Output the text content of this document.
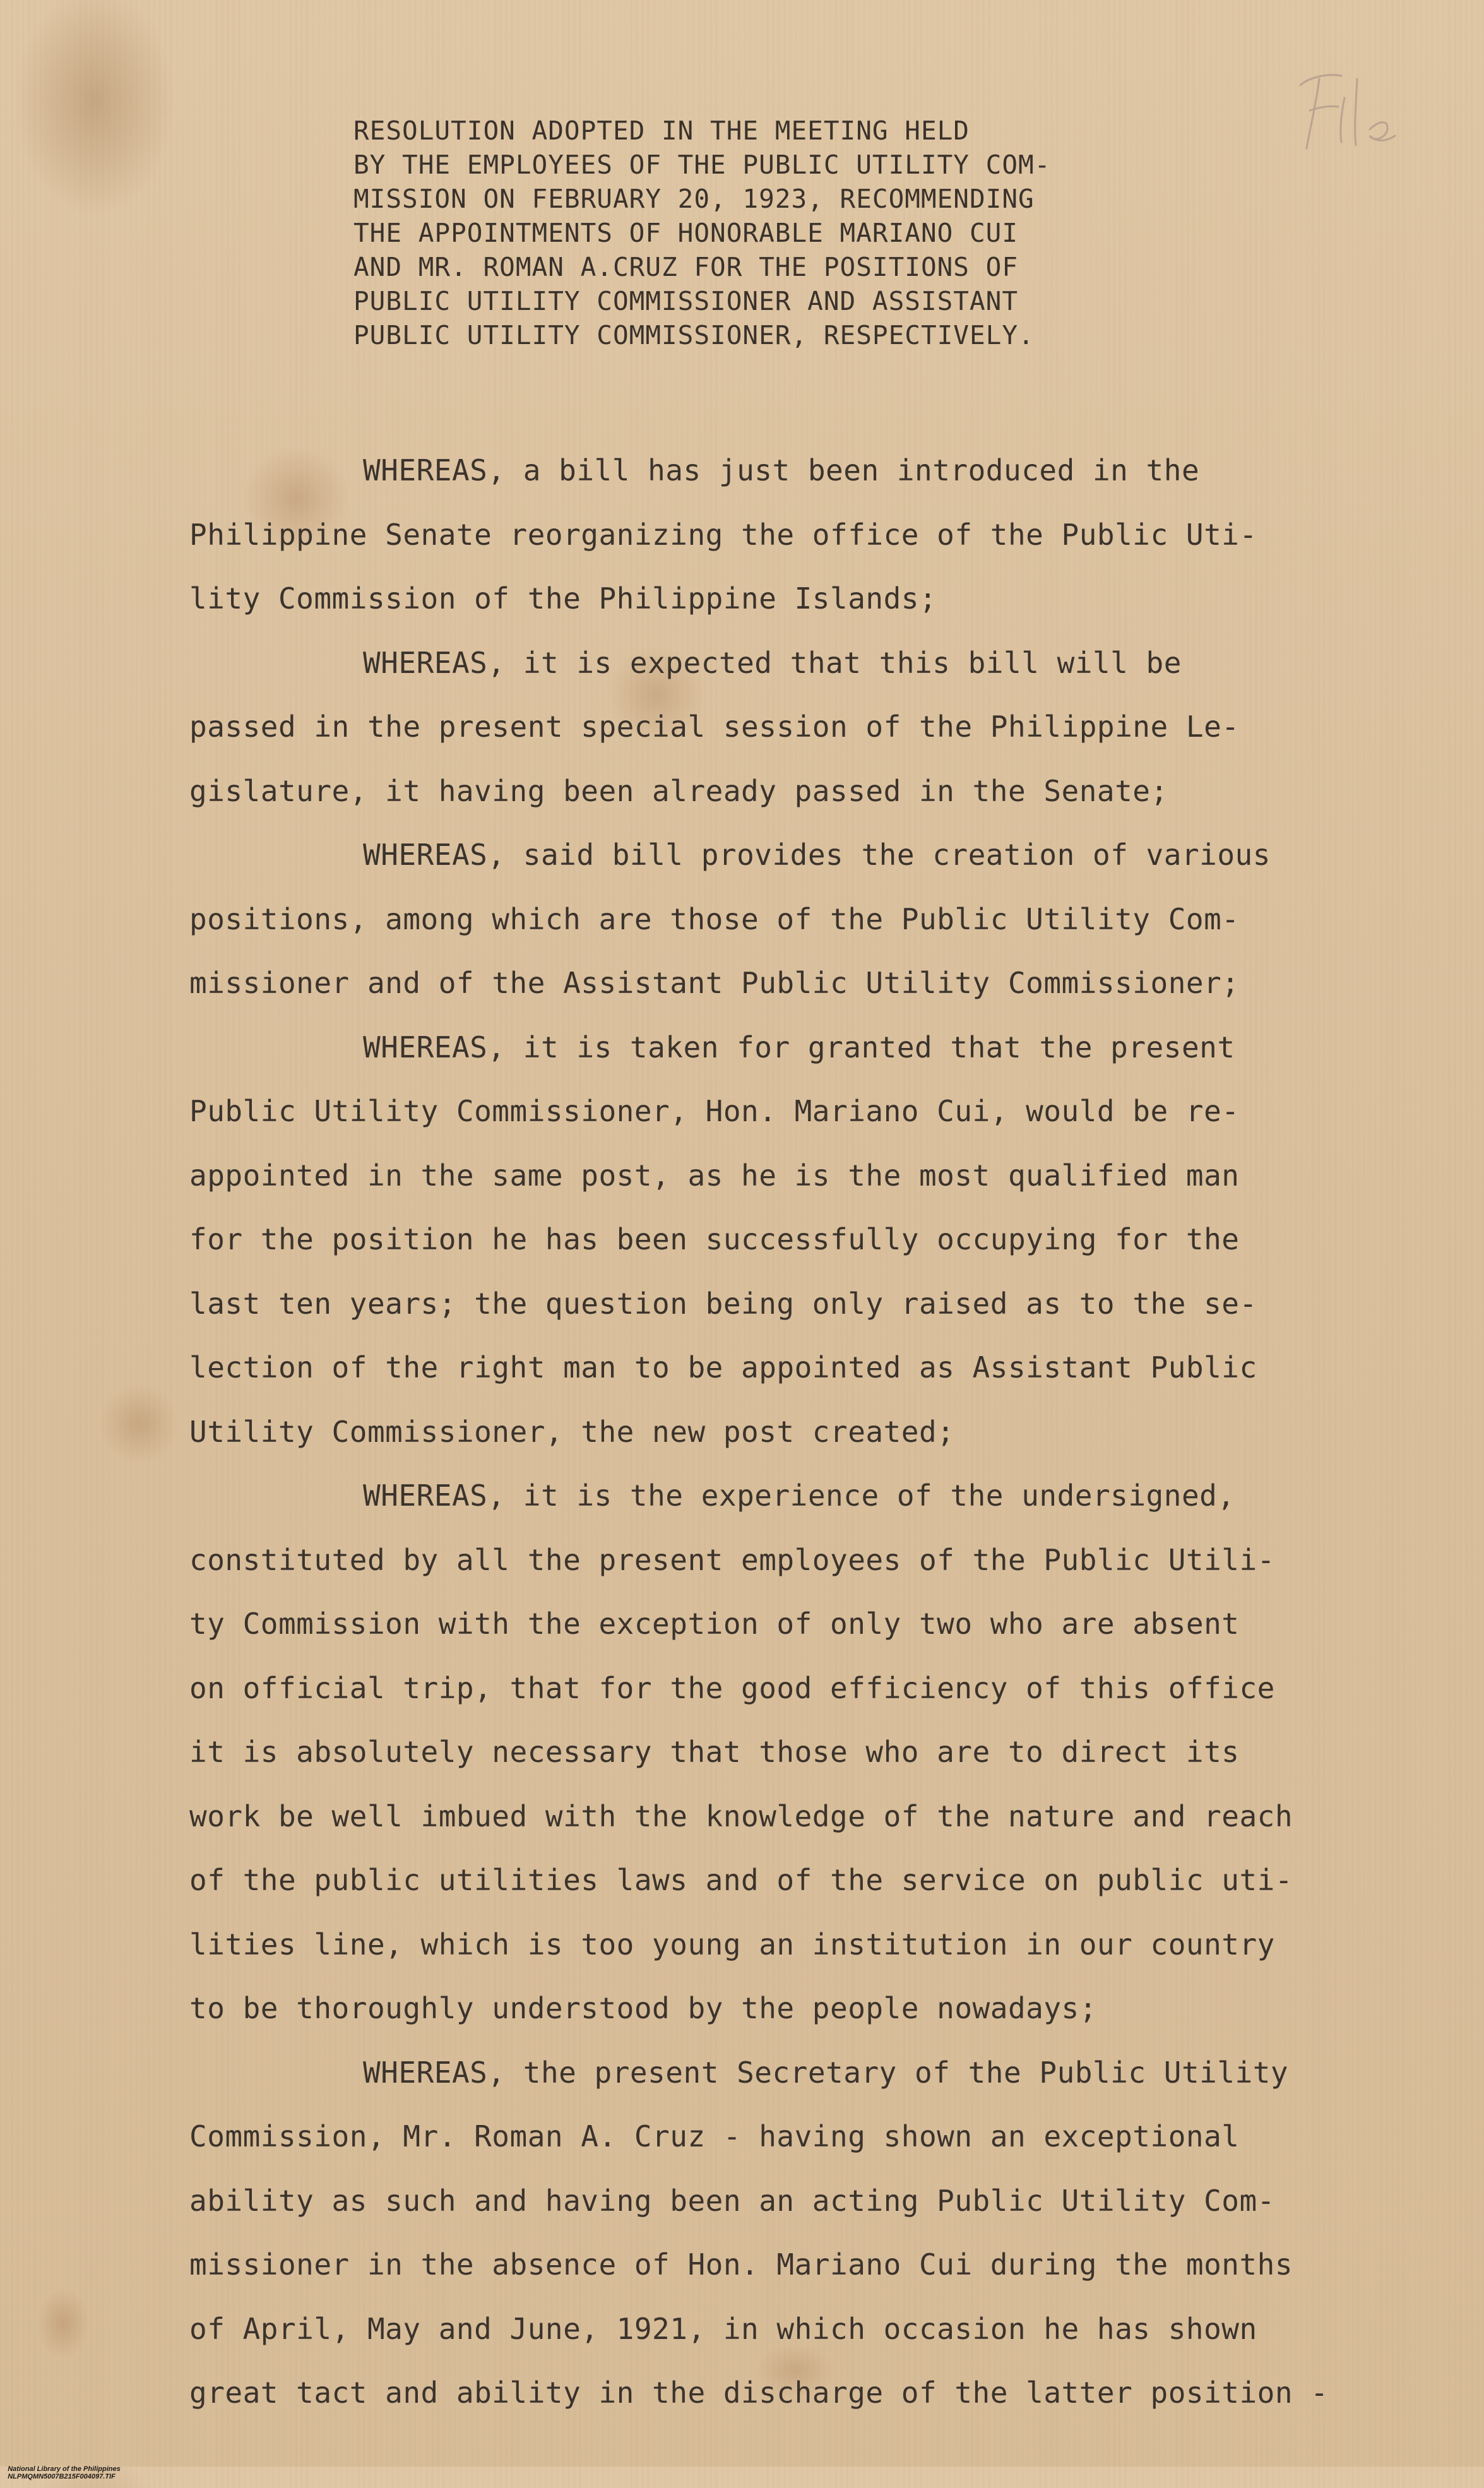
RESOLUTION ADOPTED IN THE MEETING HELD
BY THE EMPLOYEES OF THE PUBLIC UTILITY COM-
MISSION ON FEBRUARY 20, 1923, RECOMMENDING
THE APPOINTMENTS OF HONORABLE MARIANO CUI
AND MR. ROMAN A.CRUZ FOR THE POSITIONS OF
PUBLIC UTILITY COMMISSIONER AND ASSISTANT
PUBLIC UTILITY COMMISSIONER, RESPECTIVELY.
WHEREAS, a bill has just been introduced in the
Philippine Senate reorganizing the office of the Public Uti-
lity Commission of the Philippine Islands;
WHEREAS, it is expected that this bill will be
passed in the present special session of the Philippine Le-
gislature, it having been already passed in the Senate;
WHEREAS, said bill provides the creation of various
positions, among which are those of the Public Utility Com-
missioner and of the Assistant Public Utility Commissioner;
WHEREAS, it is taken for granted that the present
Public Utility Commissioner, Hon. Mariano Cui, would be re-
appointed in the same post, as he is the most qualified man
for the position he has been successfully occupying for the
last ten years; the question being only raised as to the se-
lection of the right man to be appointed as Assistant Public
Utility Commissioner, the new post created;
WHEREAS, it is the experience of the undersigned,
constituted by all the present employees of the Public Utili-
ty Commission with the exception of only two who are absent
on official trip, that for the good efficiency of this office
it is absolutely necessary that those who are to direct its
work be well imbued with the knowledge of the nature and reach
of the public utilities laws and of the service on public uti-
lities line, which is too young an institution in our country
to be thoroughly understood by the people nowadays;
WHEREAS, the present Secretary of the Public Utility
Commission, Mr. Roman A. Cruz - having shown an exceptional
ability as such and having been an acting Public Utility Com-
missioner in the absence of Hon. Mariano Cui during the months
of April, May and June, 1921, in which occasion he has shown
great tact and ability in the discharge of the latter position -

National Library of the Philippines
NLPMQMN5007B215F004097.TIF
